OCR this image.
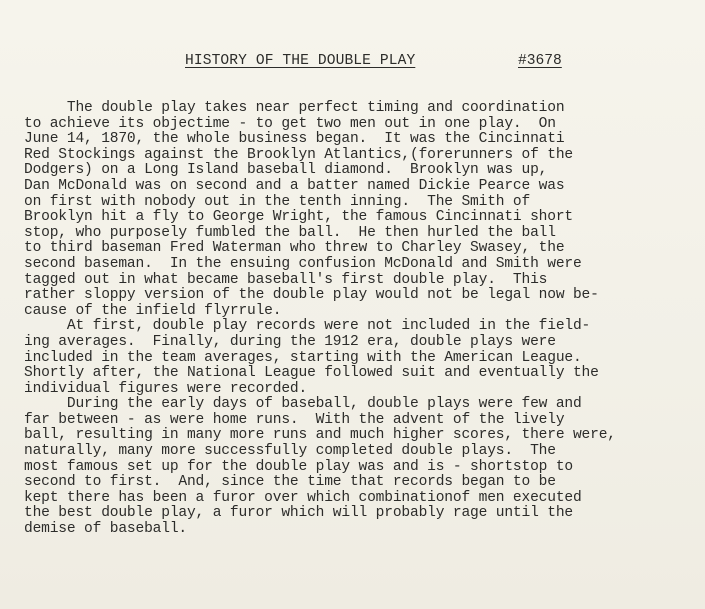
HISTORY OF THE DOUBLE PLAY

	#3678

The double play takes near perfect timing and coordination
to achieve its objectime - to get two men out in one play.  On
June 14, 1870, the whole business began.  It was the Cincinnati
Red Stockings against the Brooklyn Atlantics,(forerunners of the
Dodgers) on a Long Island baseball diamond.  Brooklyn was up,
Dan McDonald was on second and a batter named Dickie Pearce was
on first with nobody out in the tenth inning.  The Smith of
Brooklyn hit a fly to George Wright, the famous Cincinnati short
stop, who purposely fumbled the ball.  He then hurled the ball
to third baseman Fred Waterman who threw to Charley Swasey, the
second baseman.  In the ensuing confusion McDonald and Smith were
tagged out in what became baseball's first double play.  This
rather sloppy version of the double play would not be legal now be-
cause of the infield flyrrule.
At first, double play records were not included in the field-
ing averages.  Finally, during the 1912 era, double plays were
included in the team averages, starting with the American League.
Shortly after, the National League followed suit and eventually the
individual figures were recorded.
During the early days of baseball, double plays were few and
far between - as were home runs.  With the advent of the lively
ball, resulting in many more runs and much higher scores, there were,
naturally, many more successfully completed double plays.  The
most famous set up for the double play was and is - shortstop to
second to first.  And, since the time that records began to be
kept there has been a furor over which combinationof men executed
the best double play, a furor which will probably rage until the
demise of baseball.
